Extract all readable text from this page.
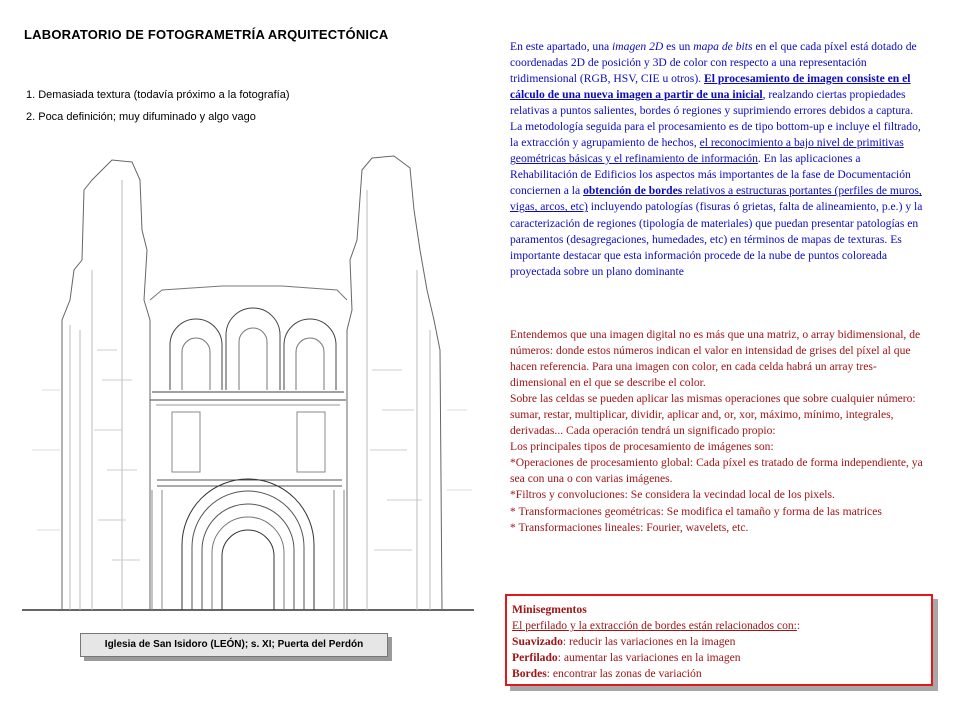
LABORATORIO DE FOTOGRAMETRÍA ARQUITECTÓNICA
1. Demasiada textura (todavía próximo a la fotografía)
2. Poca definición; muy difuminado y algo vago
Iglesia de San Isidoro (LEÓN); s. XI; Puerta del Perdón

En este apartado, una imagen 2D es un mapa de bits en el que cada píxel está dotado de coordenadas 2D de posición y 3D de color con respecto a una representación tridimensional (RGB, HSV, CIE u otros). El procesamiento de imagen consiste en el cálculo de una nueva imagen a partir de una inicial, realzando ciertas propiedades relativas a puntos salientes, bordes ó regiones y suprimiendo errores debidos a captura. La metodología seguida para el procesamiento es de tipo bottom-up e incluye el filtrado, la extracción y agrupamiento de hechos, el reconocimiento a bajo nivel de primitivas geométricas básicas y el refinamiento de información. En las aplicaciones a Rehabilitación de Edificios los aspectos más importantes de la fase de Documentación conciernen a la obtención de bordes relativos a estructuras portantes (perfiles de muros, vigas, arcos, etc) incluyendo patologías (fisuras ó grietas, falta de alineamiento, p.e.) y la caracterización de regiones (tipología de materiales) que puedan presentar patologías en paramentos (desagregaciones, humedades, etc) en términos de mapas de texturas. Es importante destacar que esta información procede de la nube de puntos coloreada proyectada sobre un plano dominante

Entendemos que una imagen digital no es más que una matriz, o array bidimensional, de números: donde estos números indican el valor en intensidad de grises del píxel al que hacen referencia. Para una imagen con color, en cada celda habrá un array tres-dimensional en el que se describe el color.
Sobre las celdas se pueden aplicar las mismas operaciones que sobre cualquier número: sumar, restar, multiplicar, dividir, aplicar and, or, xor, máximo, mínimo, integrales, derivadas... Cada operación tendrá un significado propio:
Los principales tipos de procesamiento de imágenes son:
*Operaciones de procesamiento global: Cada píxel es tratado de forma independiente, ya sea con una o con varias imágenes.
*Filtros y convoluciones: Se considera la vecindad local de los pixels.
* Transformaciones geométricas: Se modifica el tamaño y forma de las matrices
* Transformaciones lineales: Fourier, wavelets, etc.

Minisegmentos
El perfilado y la extracción de bordes están relacionados con::
Suavizado: reducir las variaciones en la imagen
Perfilado: aumentar las variaciones en la imagen
Bordes: encontrar las zonas de variación
